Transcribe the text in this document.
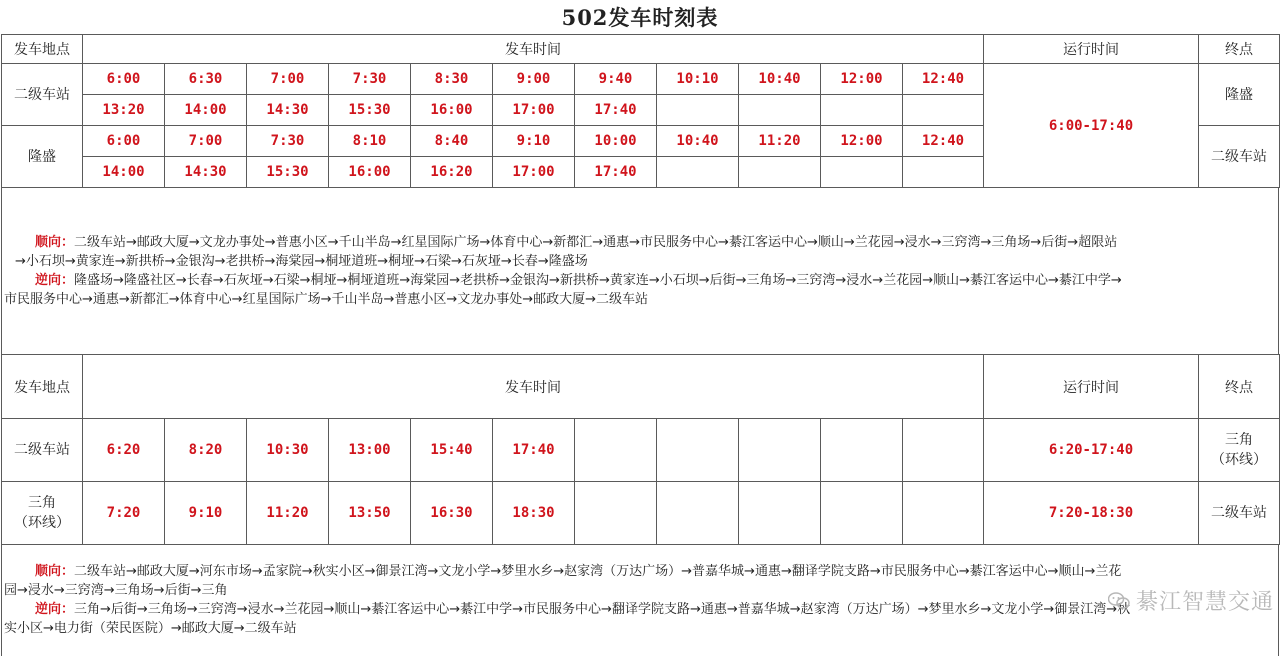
502发车时刻表
发车地点	发车时间											运行时间	终点
二级车站	6:00	6:30	7:00	7:30	8:30	9:00	9:40	10:10	10:40	12:00	12:40	6:00-17:40	隆盛
	13:20	14:00	14:30	15:30	16:00	17:00	17:40						
隆盛	6:00	7:00	7:30	8:10	8:40	9:10	10:00	10:40	11:20	12:00	12:40		二级车站
	14:00	14:30	15:30	16:00	16:20	17:00	17:40						

顺向：二级车站→邮政大厦→文龙办事处→普惠小区→千山半岛→红星国际广场→体育中心→新都汇→通惠→市民服务中心→綦江客运中心→顺山→兰花园→浸水→三窍湾→三角场→后街→超限站

→小石坝→黄家连→新拱桥→金银沟→老拱桥→海棠园→桐垭道班→桐垭→石梁→石灰垭→长春→隆盛场

逆向：隆盛场→隆盛社区→长春→石灰垭→石梁→桐垭→桐垭道班→海棠园→老拱桥→金银沟→新拱桥→黄家连→小石坝→后街→三角场→三窍湾→浸水→兰花园→顺山→綦江客运中心→綦江中学→

市民服务中心→通惠→新都汇→体育中心→红星国际广场→千山半岛→普惠小区→文龙办事处→邮政大厦→二级车站

发车地点	发车时间											运行时间	终点
二级车站	6:20	8:20	10:30	13:00	15:40	17:40						6:20-17:40	三角
（环线）

三角
（环线）	7:20	9:10	11:20	13:50	16:30	18:30						7:20-18:30	二级车站

顺向：二级车站→邮政大厦→河东市场→孟家院→秋实小区→御景江湾→文龙小学→梦里水乡→赵家湾（万达广场）→普嘉华城→通惠→翻译学院支路→市民服务中心→綦江客运中心→顺山→兰花

园→浸水→三窍湾→三角场→后街→三角

逆向：三角→后街→三角场→三窍湾→浸水→兰花园→顺山→綦江客运中心→綦江中学→市民服务中心→翻译学院支路→通惠→普嘉华城→赵家湾（万达广场）→梦里水乡→文龙小学→御景江湾→秋

实小区→电力街（荣民医院）→邮政大厦→二级车站

綦江智慧交通
